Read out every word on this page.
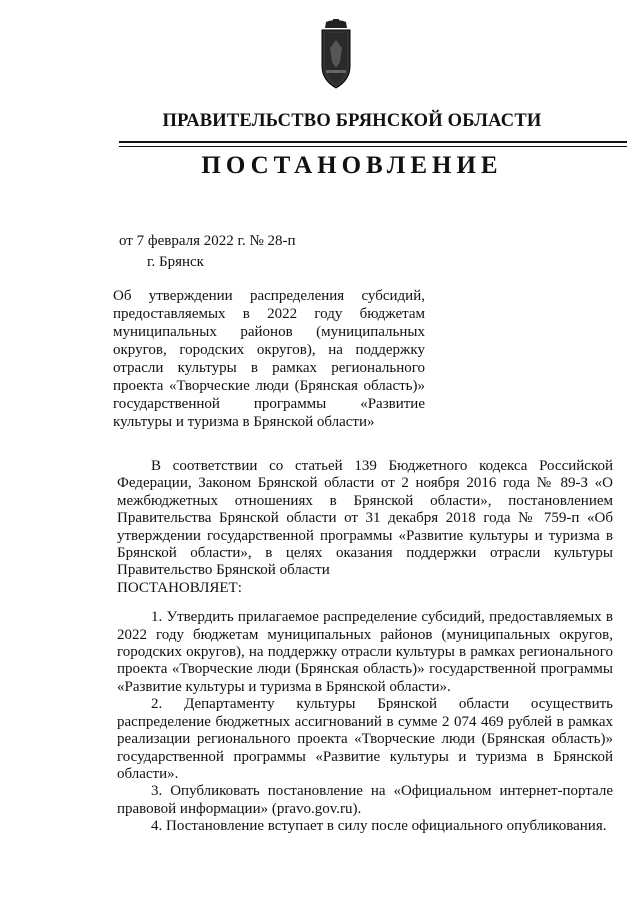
ПРАВИТЕЛЬСТВО БРЯНСКОЙ ОБЛАСТИ
ПОСТАНОВЛЕНИЕ
от 7 февраля 2022 г. № 28-п
г. Брянск
Об утверждении распределения субсидий, предоставляемых в 2022 году бюджетам муниципальных районов (муниципальных округов, городских округов), на поддержку отрасли культуры в рамках регионального проекта «Творческие люди (Брянская область)» государственной программы «Развитие культуры и туризма в Брянской области»

В соответствии со статьей 139 Бюджетного кодекса Российской Федерации, Законом Брянской области от 2 ноября 2016 года № 89-З «О межбюджетных отношениях в Брянской области», постановлением Правительства Брянской области от 31 декабря 2018 года № 759-п «Об утверждении государственной программы «Развитие культуры и туризма в Брянской области», в целях оказания поддержки отрасли культуры Правительство Брянской области

ПОСТАНОВЛЯЕТ:

1. Утвердить прилагаемое распределение субсидий, предоставляемых в 2022 году бюджетам муниципальных районов (муниципальных округов, городских округов), на поддержку отрасли культуры в рамках регионального проекта «Творческие люди (Брянская область)» государственной программы «Развитие культуры и туризма в Брянской области».

2. Департаменту культуры Брянской области осуществить распределение бюджетных ассигнований в сумме 2 074 469 рублей в рамках реализации регионального проекта «Творческие люди (Брянская область)» государственной программы «Развитие культуры и туризма в Брянской области».

3. Опубликовать постановление на «Официальном интернет-портале правовой информации» (pravo.gov.ru).

4. Постановление вступает в силу после официального опубликования.
